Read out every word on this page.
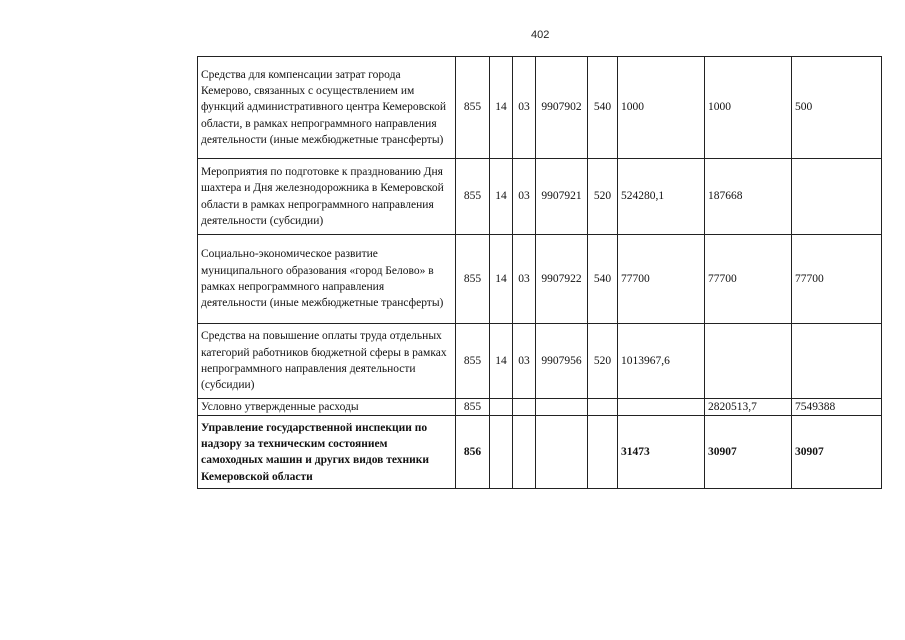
402
Средства для компенсации затрат города Кемерово, связанных с осуществлением им функций административного центра Кемеровской области, в рамках непрограммного направления деятельности (иные межбюджетные трансферты)	855	14	03	9907902	540	1000	1000	500
Мероприятия по подготовке к празднованию Дня шахтера и Дня железнодорожника в Кемеровской области в рамках непрограммного направления деятельности (субсидии)	855	14	03	9907921	520	524280,1	187668	
Социально-экономическое развитие муниципального образования «город Белово» в рамках непрограммного направления деятельности (иные межбюджетные трансферты)	855	14	03	9907922	540	77700	77700	77700
Средства на повышение оплаты труда отдельных категорий работников бюджетной сферы в рамках непрограммного направления деятельности (субсидии)	855	14	03	9907956	520	1013967,6		
Условно утвержденные расходы	855						2820513,7	7549388
Управление государственной инспекции по надзору за техническим состоянием самоходных машин и других видов техники Кемеровской области	856					31473	30907	30907
